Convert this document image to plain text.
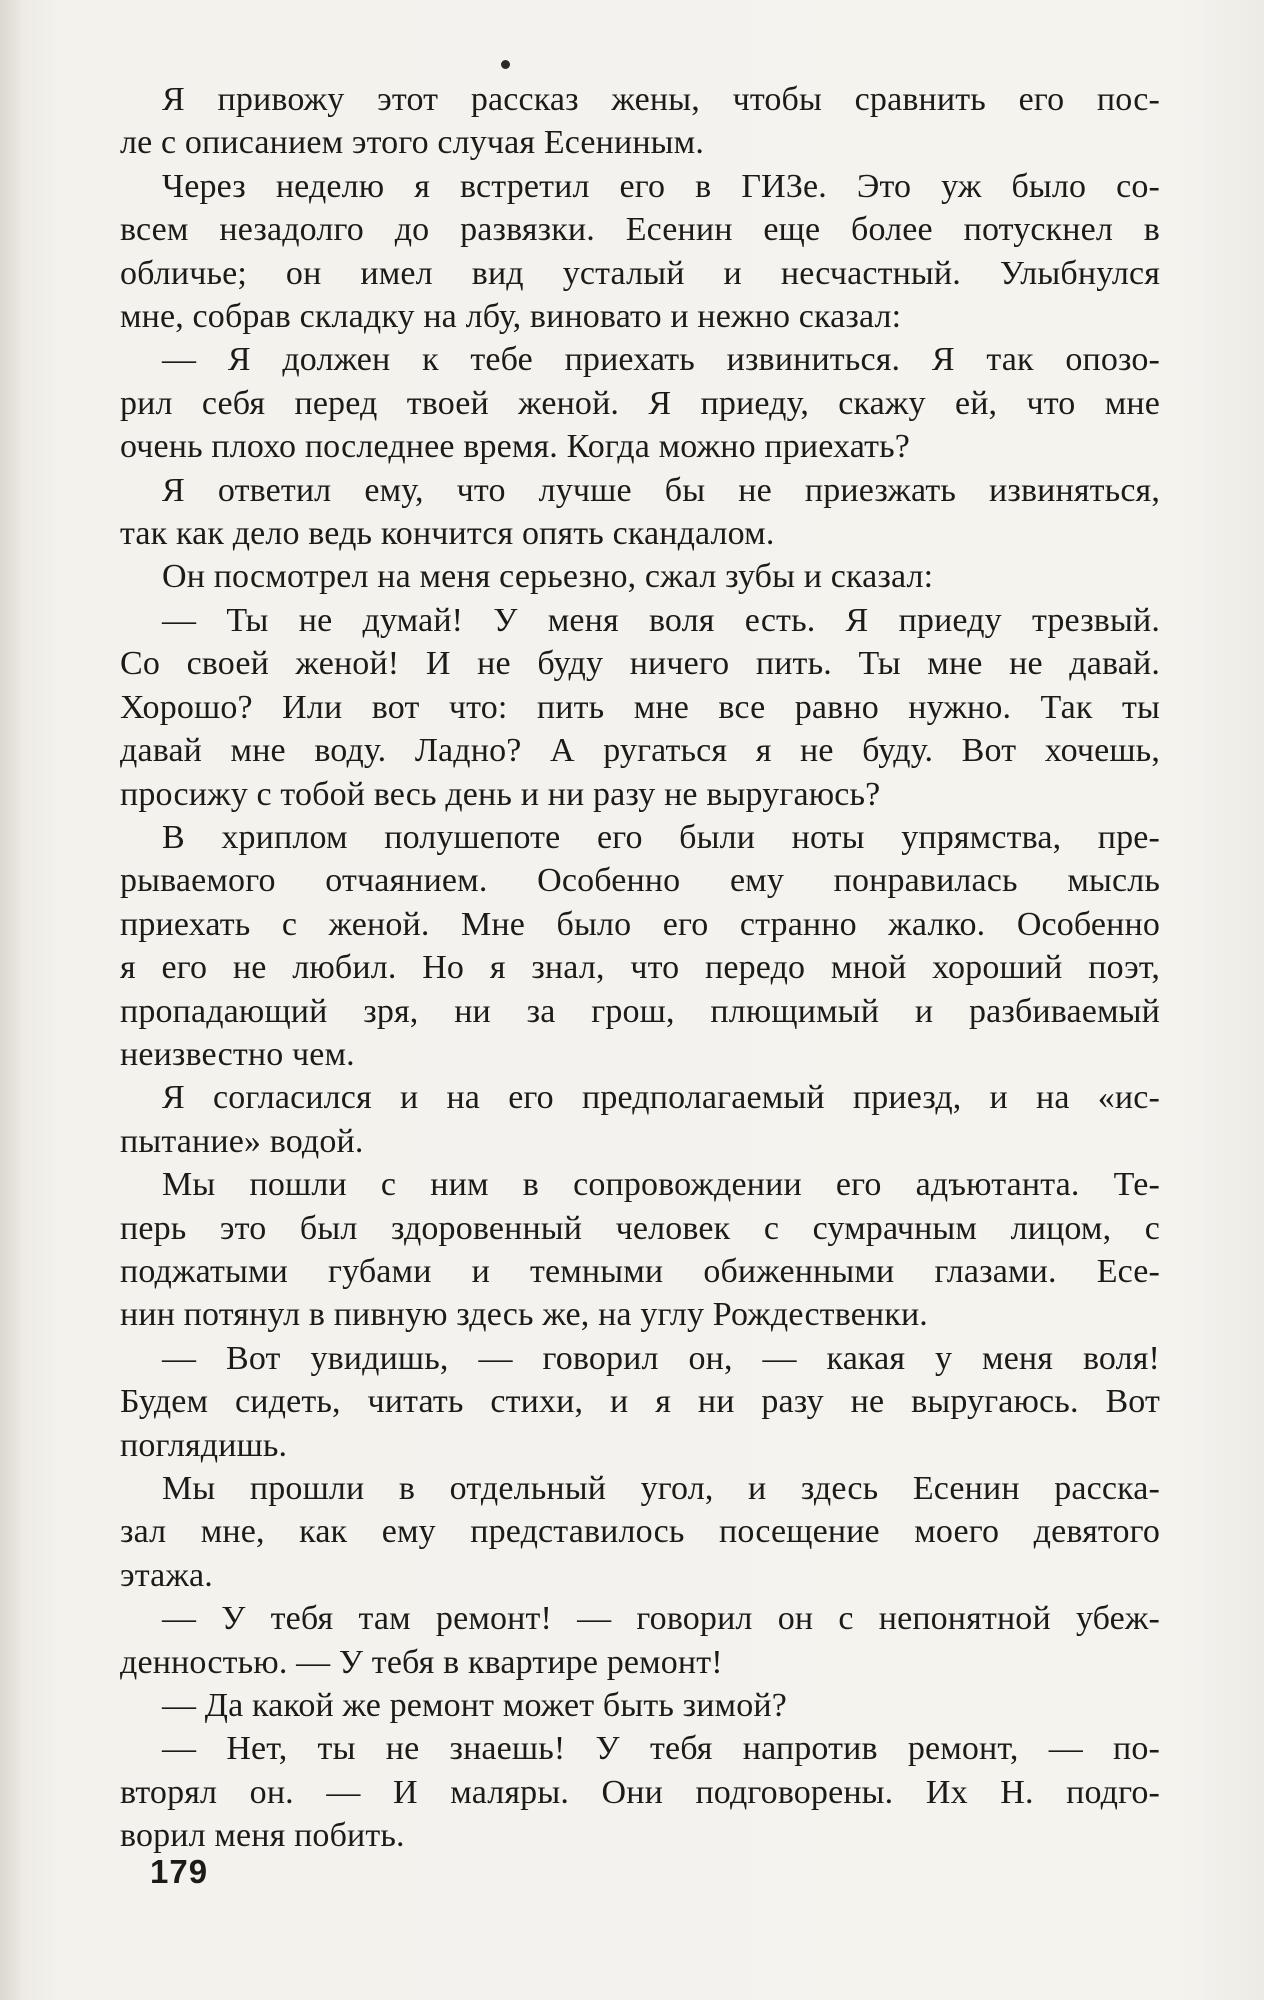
Я привожу этот рассказ жены, чтобы сравнить его пос-
ле с описанием этого случая Есениным.

Через неделю я встретил его в ГИЗе. Это уж было со-
всем незадолго до развязки. Есенин еще более потускнел в
обличье; он имел вид усталый и несчастный. Улыбнулся
мне, собрав складку на лбу, виновато и нежно сказал:

— Я должен к тебе приехать извиниться. Я так опозо-
рил себя перед твоей женой. Я приеду, скажу ей, что мне
очень плохо последнее время. Когда можно приехать?

Я ответил ему, что лучше бы не приезжать извиняться,
так как дело ведь кончится опять скандалом.

Он посмотрел на меня серьезно, сжал зубы и сказал:

— Ты не думай! У меня воля есть. Я приеду трезвый.
Со своей женой! И не буду ничего пить. Ты мне не давай.
Хорошо? Или вот что: пить мне все равно нужно. Так ты
давай мне воду. Ладно? А ругаться я не буду. Вот хочешь,
просижу с тобой весь день и ни разу не выругаюсь?

В хриплом полушепоте его были ноты упрямства, пре-
рываемого отчаянием. Особенно ему понравилась мысль
приехать с женой. Мне было его странно жалко. Особенно
я его не любил. Но я знал, что передо мной хороший поэт,
пропадающий зря, ни за грош, плющимый и разбиваемый
неизвестно чем.

Я согласился и на его предполагаемый приезд, и на «ис-
пытание» водой.

Мы пошли с ним в сопровождении его адъютанта. Те-
перь это был здоровенный человек с сумрачным лицом, с
поджатыми губами и темными обиженными глазами. Есе-
нин потянул в пивную здесь же, на углу Рождественки.

— Вот увидишь, — говорил он, — какая у меня воля!
Будем сидеть, читать стихи, и я ни разу не выругаюсь. Вот
поглядишь.

Мы прошли в отдельный угол, и здесь Есенин расска-
зал мне, как ему представилось посещение моего девятого
этажа.

— У тебя там ремонт! — говорил он с непонятной убеж-
денностью. — У тебя в квартире ремонт!

— Да какой же ремонт может быть зимой?

— Нет, ты не знаешь! У тебя напротив ремонт, — по-
вторял он. — И маляры. Они подговорены. Их Н. подго-
ворил меня побить.

179
